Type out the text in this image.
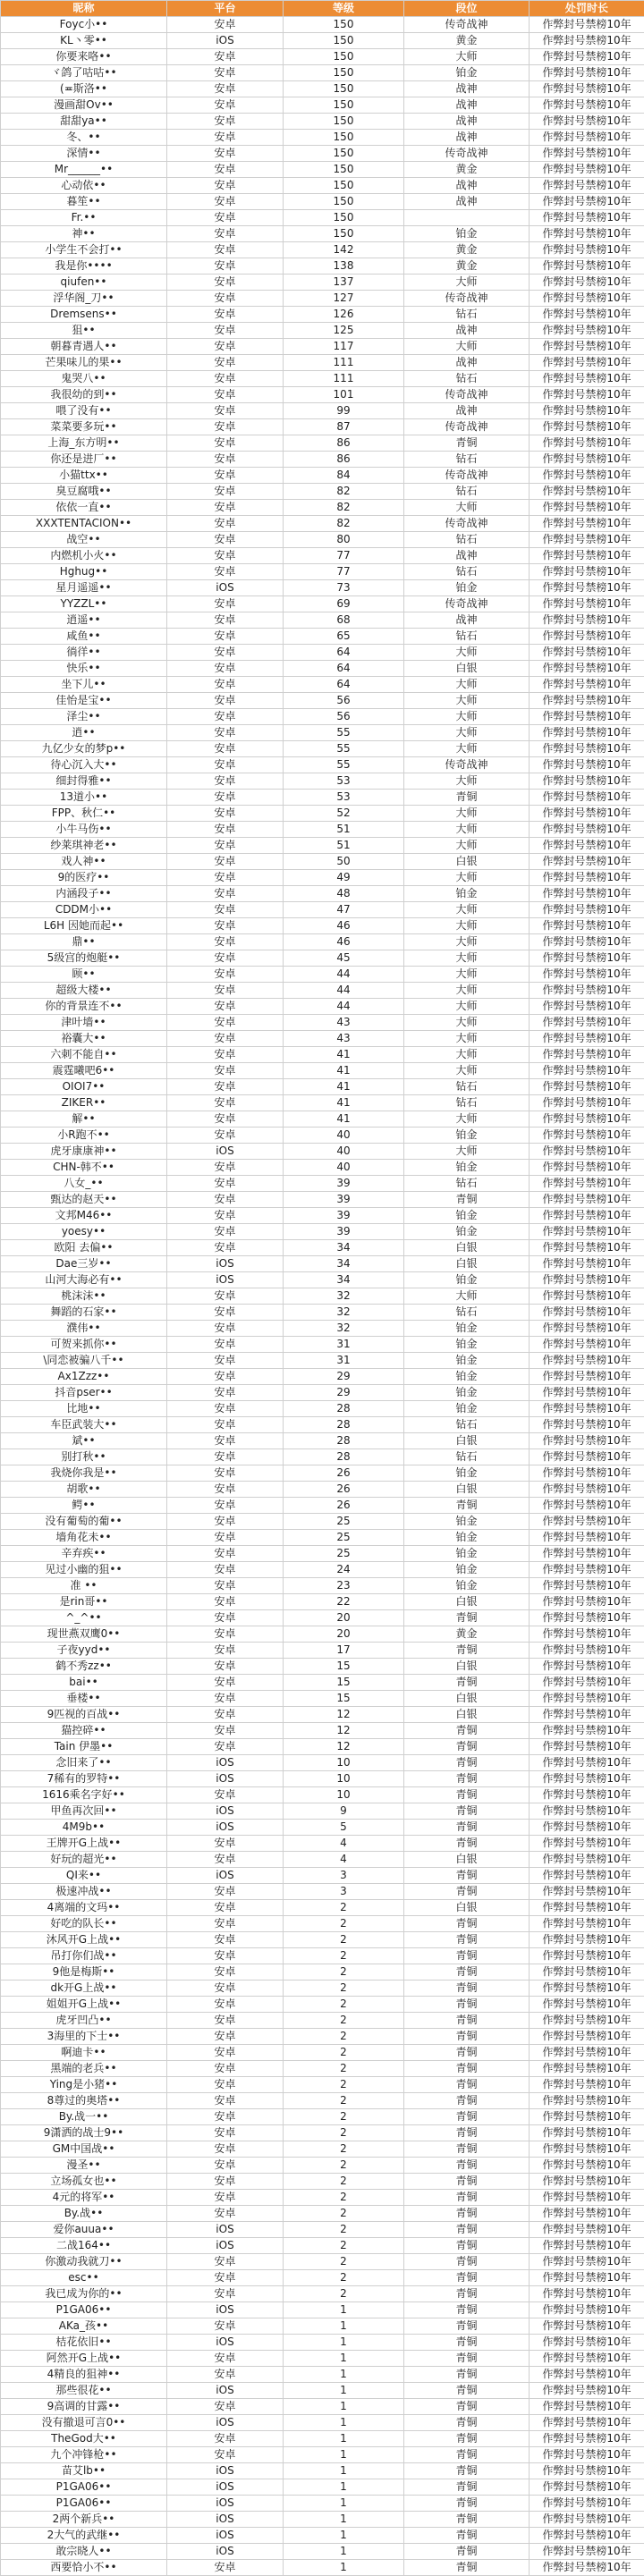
昵称	平台	等级	段位	处罚时长
Foyc小••	安卓	150	传奇战神	作弊封号禁榜10年
KL丶零••	iOS	150	黄金	作弊封号禁榜10年
你要来咯••	安卓	150	大师	作弊封号禁榜10年
ヾ鸽了咕咕••	安卓	150	铂金	作弊封号禁榜10年
(≖斯洛••	安卓	150	战神	作弊封号禁榜10年
漫画甜Ov••	安卓	150	战神	作弊封号禁榜10年
甜甜ya••	安卓	150	战神	作弊封号禁榜10年
冬、••	安卓	150	战神	作弊封号禁榜10年
深情••	安卓	150	传奇战神	作弊封号禁榜10年
Mr______••	安卓	150	黄金	作弊封号禁榜10年
心动依••	安卓	150	战神	作弊封号禁榜10年
暮笙••	安卓	150	战神	作弊封号禁榜10年
Fr.••	安卓	150		作弊封号禁榜10年
神••	安卓	150	铂金	作弊封号禁榜10年
小学生不会打••	安卓	142	黄金	作弊封号禁榜10年
我是你••••	安卓	138	黄金	作弊封号禁榜10年
qiufen••	安卓	137	大师	作弊封号禁榜10年
浮华阁_刀••	安卓	127	传奇战神	作弊封号禁榜10年
Dremsens••	安卓	126	钻石	作弊封号禁榜10年
狙••	安卓	125	战神	作弊封号禁榜10年
朝暮青遇人••	安卓	117	大师	作弊封号禁榜10年
芒果味儿的果••	安卓	111	战神	作弊封号禁榜10年
鬼哭八••	安卓	111	钻石	作弊封号禁榜10年
我很幼的到••	安卓	101	传奇战神	作弊封号禁榜10年
喂了没有••	安卓	99	战神	作弊封号禁榜10年
菜菜要多玩••	安卓	87	传奇战神	作弊封号禁榜10年
上海_东方明••	安卓	86	青铜	作弊封号禁榜10年
你还是进厂••	安卓	86	钻石	作弊封号禁榜10年
小猫ttx••	安卓	84	传奇战神	作弊封号禁榜10年
臭豆腐哦••	安卓	82	钻石	作弊封号禁榜10年
依依一直••	安卓	82	大师	作弊封号禁榜10年
XXXTENTACION••	安卓	82	传奇战神	作弊封号禁榜10年
战空••	安卓	80	钻石	作弊封号禁榜10年
内燃机小火••	安卓	77	战神	作弊封号禁榜10年
Hghug••	安卓	77	钻石	作弊封号禁榜10年
星月遥遥••	iOS	73	铂金	作弊封号禁榜10年
YYZZL••	安卓	69	传奇战神	作弊封号禁榜10年
逍遥••	安卓	68	战神	作弊封号禁榜10年
咸鱼••	安卓	65	钻石	作弊封号禁榜10年
徜徉••	安卓	64	大师	作弊封号禁榜10年
快乐••	安卓	64	白银	作弊封号禁榜10年
坐下儿••	安卓	64	大师	作弊封号禁榜10年
佳怡是宝••	安卓	56	大师	作弊封号禁榜10年
泽尘••	安卓	56	大师	作弊封号禁榜10年
逍••	安卓	55	大师	作弊封号禁榜10年
九亿少女的梦p••	安卓	55	大师	作弊封号禁榜10年
待心沉入大••	安卓	55	传奇战神	作弊封号禁榜10年
细封得雅••	安卓	53	大师	作弊封号禁榜10年
13道小••	安卓	53	青铜	作弊封号禁榜10年
FPP、秋仁••	安卓	52	大师	作弊封号禁榜10年
小牛马伤••	安卓	51	大师	作弊封号禁榜10年
纱莱琪神老••	安卓	51	大师	作弊封号禁榜10年
戏人神••	安卓	50	白银	作弊封号禁榜10年
9的医疗••	安卓	49	大师	作弊封号禁榜10年
内涵段子••	安卓	48	铂金	作弊封号禁榜10年
CDDM小••	安卓	47	大师	作弊封号禁榜10年
L6H 因她而起••	安卓	46	大师	作弊封号禁榜10年
鼎••	安卓	46	大师	作弊封号禁榜10年
5级宫的炮艇••	安卓	45	大师	作弊封号禁榜10年
顾••	安卓	44	大师	作弊封号禁榜10年
超级大楼••	安卓	44	大师	作弊封号禁榜10年
你的背景连不••	安卓	44	大师	作弊封号禁榜10年
津叶墙••	安卓	43	大师	作弊封号禁榜10年
裕囊大••	安卓	43	大师	作弊封号禁榜10年
六刺不能自••	安卓	41	大师	作弊封号禁榜10年
震霆曦吧6••	安卓	41	大师	作弊封号禁榜10年
OIOI7••	安卓	41	钻石	作弊封号禁榜10年
ZIKER••	安卓	41	钻石	作弊封号禁榜10年
解••	安卓	41	大师	作弊封号禁榜10年
小R跑不••	安卓	40	铂金	作弊封号禁榜10年
虎牙康康神••	iOS	40	大师	作弊封号禁榜10年
CHN-韩不••	安卓	40	铂金	作弊封号禁榜10年
八女_••	安卓	39	钻石	作弊封号禁榜10年
甄达的赵天••	安卓	39	青铜	作弊封号禁榜10年
文邦M46••	安卓	39	铂金	作弊封号禁榜10年
yoesy••	安卓	39	铂金	作弊封号禁榜10年
欧阳 去偏••	安卓	34	白银	作弊封号禁榜10年
Dae三岁••	iOS	34	白银	作弊封号禁榜10年
山河大海必有••	iOS	34	铂金	作弊封号禁榜10年
桃沫沫••	安卓	32	大师	作弊封号禁榜10年
舞蹈的石家••	安卓	32	钻石	作弊封号禁榜10年
濮伟••	安卓	32	铂金	作弊封号禁榜10年
可贺来抓你••	安卓	31	铂金	作弊封号禁榜10年
\同恋被骗八千••	安卓	31	铂金	作弊封号禁榜10年
Ax1Zzz••	安卓	29	铂金	作弊封号禁榜10年
抖音pser••	安卓	29	铂金	作弊封号禁榜10年
比地••	安卓	28	铂金	作弊封号禁榜10年
车臣武装大••	安卓	28	钻石	作弊封号禁榜10年
斌••	安卓	28	白银	作弊封号禁榜10年
别打秋••	安卓	28	钻石	作弊封号禁榜10年
我烧你我是••	安卓	26	铂金	作弊封号禁榜10年
胡歌••	安卓	26	白银	作弊封号禁榜10年
鳄••	安卓	26	青铜	作弊封号禁榜10年
没有葡萄的葡••	安卓	25	铂金	作弊封号禁榜10年
墙角花未••	安卓	25	铂金	作弊封号禁榜10年
辛弃疾••	安卓	25	铂金	作弊封号禁榜10年
见过小幽的狙••	安卓	24	铂金	作弊封号禁榜10年
准 ••	安卓	23	铂金	作弊封号禁榜10年
是rin哥••	安卓	22	白银	作弊封号禁榜10年
^_^••	安卓	20	青铜	作弊封号禁榜10年
现世燕双鹰0••	安卓	20	黄金	作弊封号禁榜10年
子夜yyd••	安卓	17	青铜	作弊封号禁榜10年
鹤不秀zz••	安卓	15	白银	作弊封号禁榜10年
bai••	安卓	15	青铜	作弊封号禁榜10年
垂楼••	安卓	15	白银	作弊封号禁榜10年
9匹视的百战••	安卓	12	白银	作弊封号禁榜10年
猫控碎••	安卓	12	青铜	作弊封号禁榜10年
Tain 伊墨••	安卓	12	青铜	作弊封号禁榜10年
念旧来了••	iOS	10	青铜	作弊封号禁榜10年
7稀有的罗特••	iOS	10	青铜	作弊封号禁榜10年
1616乘名字好••	安卓	10	青铜	作弊封号禁榜10年
甲鱼再次回••	iOS	9	青铜	作弊封号禁榜10年
4M9b••	iOS	5	青铜	作弊封号禁榜10年
王牌开G上战••	安卓	4	青铜	作弊封号禁榜10年
好玩的超光••	安卓	4	白银	作弊封号禁榜10年
QI来••	iOS	3	青铜	作弊封号禁榜10年
极速冲战••	安卓	3	青铜	作弊封号禁榜10年
4离端的文玛••	安卓	2	白银	作弊封号禁榜10年
好吃的队长••	安卓	2	青铜	作弊封号禁榜10年
沐风开G上战••	安卓	2	青铜	作弊封号禁榜10年
吊打你们战••	安卓	2	青铜	作弊封号禁榜10年
9他是梅斯••	安卓	2	青铜	作弊封号禁榜10年
dk开G上战••	安卓	2	青铜	作弊封号禁榜10年
姐姐开G上战••	安卓	2	青铜	作弊封号禁榜10年
虎牙凹凸••	安卓	2	青铜	作弊封号禁榜10年
3海里的下士••	安卓	2	青铜	作弊封号禁榜10年
啊迪卡••	安卓	2	青铜	作弊封号禁榜10年
黑端的老兵••	安卓	2	青铜	作弊封号禁榜10年
Ying是小猪••	安卓	2	青铜	作弊封号禁榜10年
8尊过的奥塔••	安卓	2	青铜	作弊封号禁榜10年
By.战一••	安卓	2	青铜	作弊封号禁榜10年
9潇洒的战士9••	安卓	2	青铜	作弊封号禁榜10年
GM中国战••	安卓	2	青铜	作弊封号禁榜10年
漫圣••	安卓	2	青铜	作弊封号禁榜10年
立场孤女也••	安卓	2	青铜	作弊封号禁榜10年
4元的将军••	安卓	2	青铜	作弊封号禁榜10年
By.战••	安卓	2	青铜	作弊封号禁榜10年
爱你auua••	iOS	2	青铜	作弊封号禁榜10年
二战164••	iOS	2	青铜	作弊封号禁榜10年
你激动我就刀••	安卓	2	青铜	作弊封号禁榜10年
esc••	安卓	2	青铜	作弊封号禁榜10年
我已成为你的••	安卓	2	青铜	作弊封号禁榜10年
P1GA06••	iOS	1	青铜	作弊封号禁榜10年
AKa_孩••	安卓	1	青铜	作弊封号禁榜10年
桔花依旧••	iOS	1	青铜	作弊封号禁榜10年
阿然开G上战••	安卓	1	青铜	作弊封号禁榜10年
4精良的狙神••	安卓	1	青铜	作弊封号禁榜10年
那些很花••	iOS	1	青铜	作弊封号禁榜10年
9高调的甘露••	安卓	1	青铜	作弊封号禁榜10年
没有撤退可言0••	iOS	1	青铜	作弊封号禁榜10年
TheGod大••	安卓	1	青铜	作弊封号禁榜10年
九个冲锋枪••	安卓	1	青铜	作弊封号禁榜10年
苗艾lb••	iOS	1	青铜	作弊封号禁榜10年
P1GA06••	iOS	1	青铜	作弊封号禁榜10年
P1GA06••	iOS	1	青铜	作弊封号禁榜10年
2两个新兵••	iOS	1	青铜	作弊封号禁榜10年
2大气的武继••	iOS	1	青铜	作弊封号禁榜10年
敢宗晓人••	iOS	1	青铜	作弊封号禁榜10年
西要恰小不••	安卓	1	青铜	作弊封号禁榜10年
